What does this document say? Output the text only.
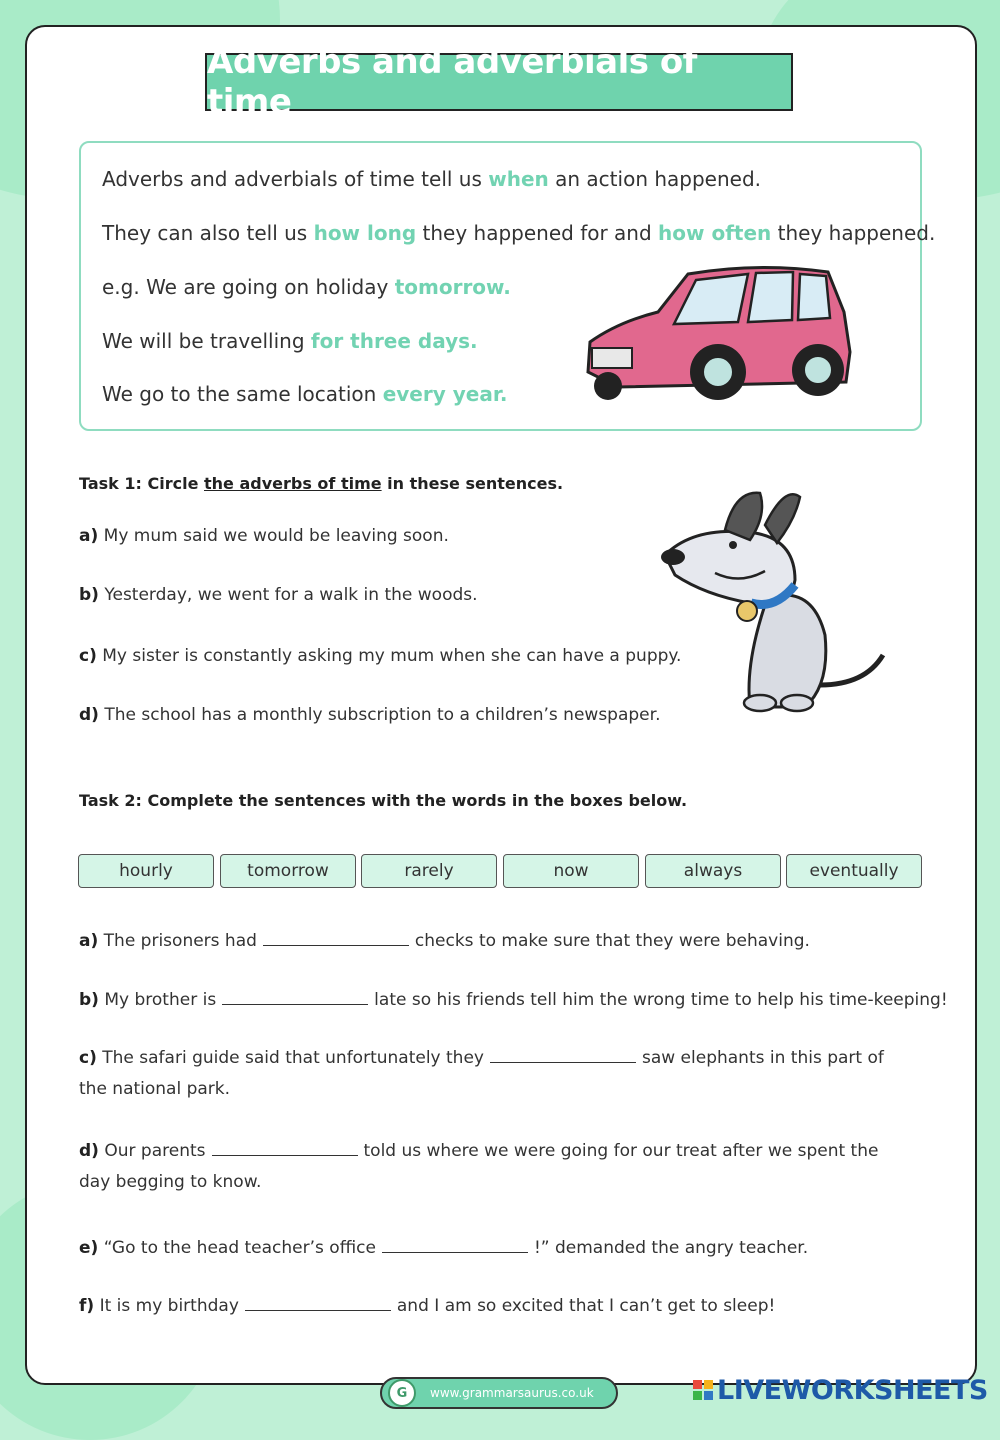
Adverbs and adverbials of time
Adverbs and adverbials of time tell us when an action happened.
They can also tell us how long they happened for and how often they happened.
e.g. We are going on holiday tomorrow.
We will be travelling for three days.
We go to the same location every year.
Task 1: Circle the adverbs of time in these sentences.
a) My mum said we would be leaving soon.
b) Yesterday, we went for a walk in the woods.
c) My sister is constantly asking my mum when she can have a puppy.
d) The school has a monthly subscription to a children’s newspaper.
Task 2: Complete the sentences with the words in the boxes below.
hourly	tomorrow	rarely	now	always	eventually
a) The prisoners had	checks to make sure that they were behaving.
b) My brother is	late so his friends tell him the wrong time to help his time-keeping!
c) The safari guide said that unfortunately they	saw elephants in this part of the national park.
d) Our parents	told us where we were going for our treat after we spent the day begging to know.
e) “Go to the head teacher’s office	!” demanded the angry teacher.
f) It is my birthday	and I am so excited that I can’t get to sleep!
G	www.grammarsaurus.co.uk	LIVEWORKSHEETS
